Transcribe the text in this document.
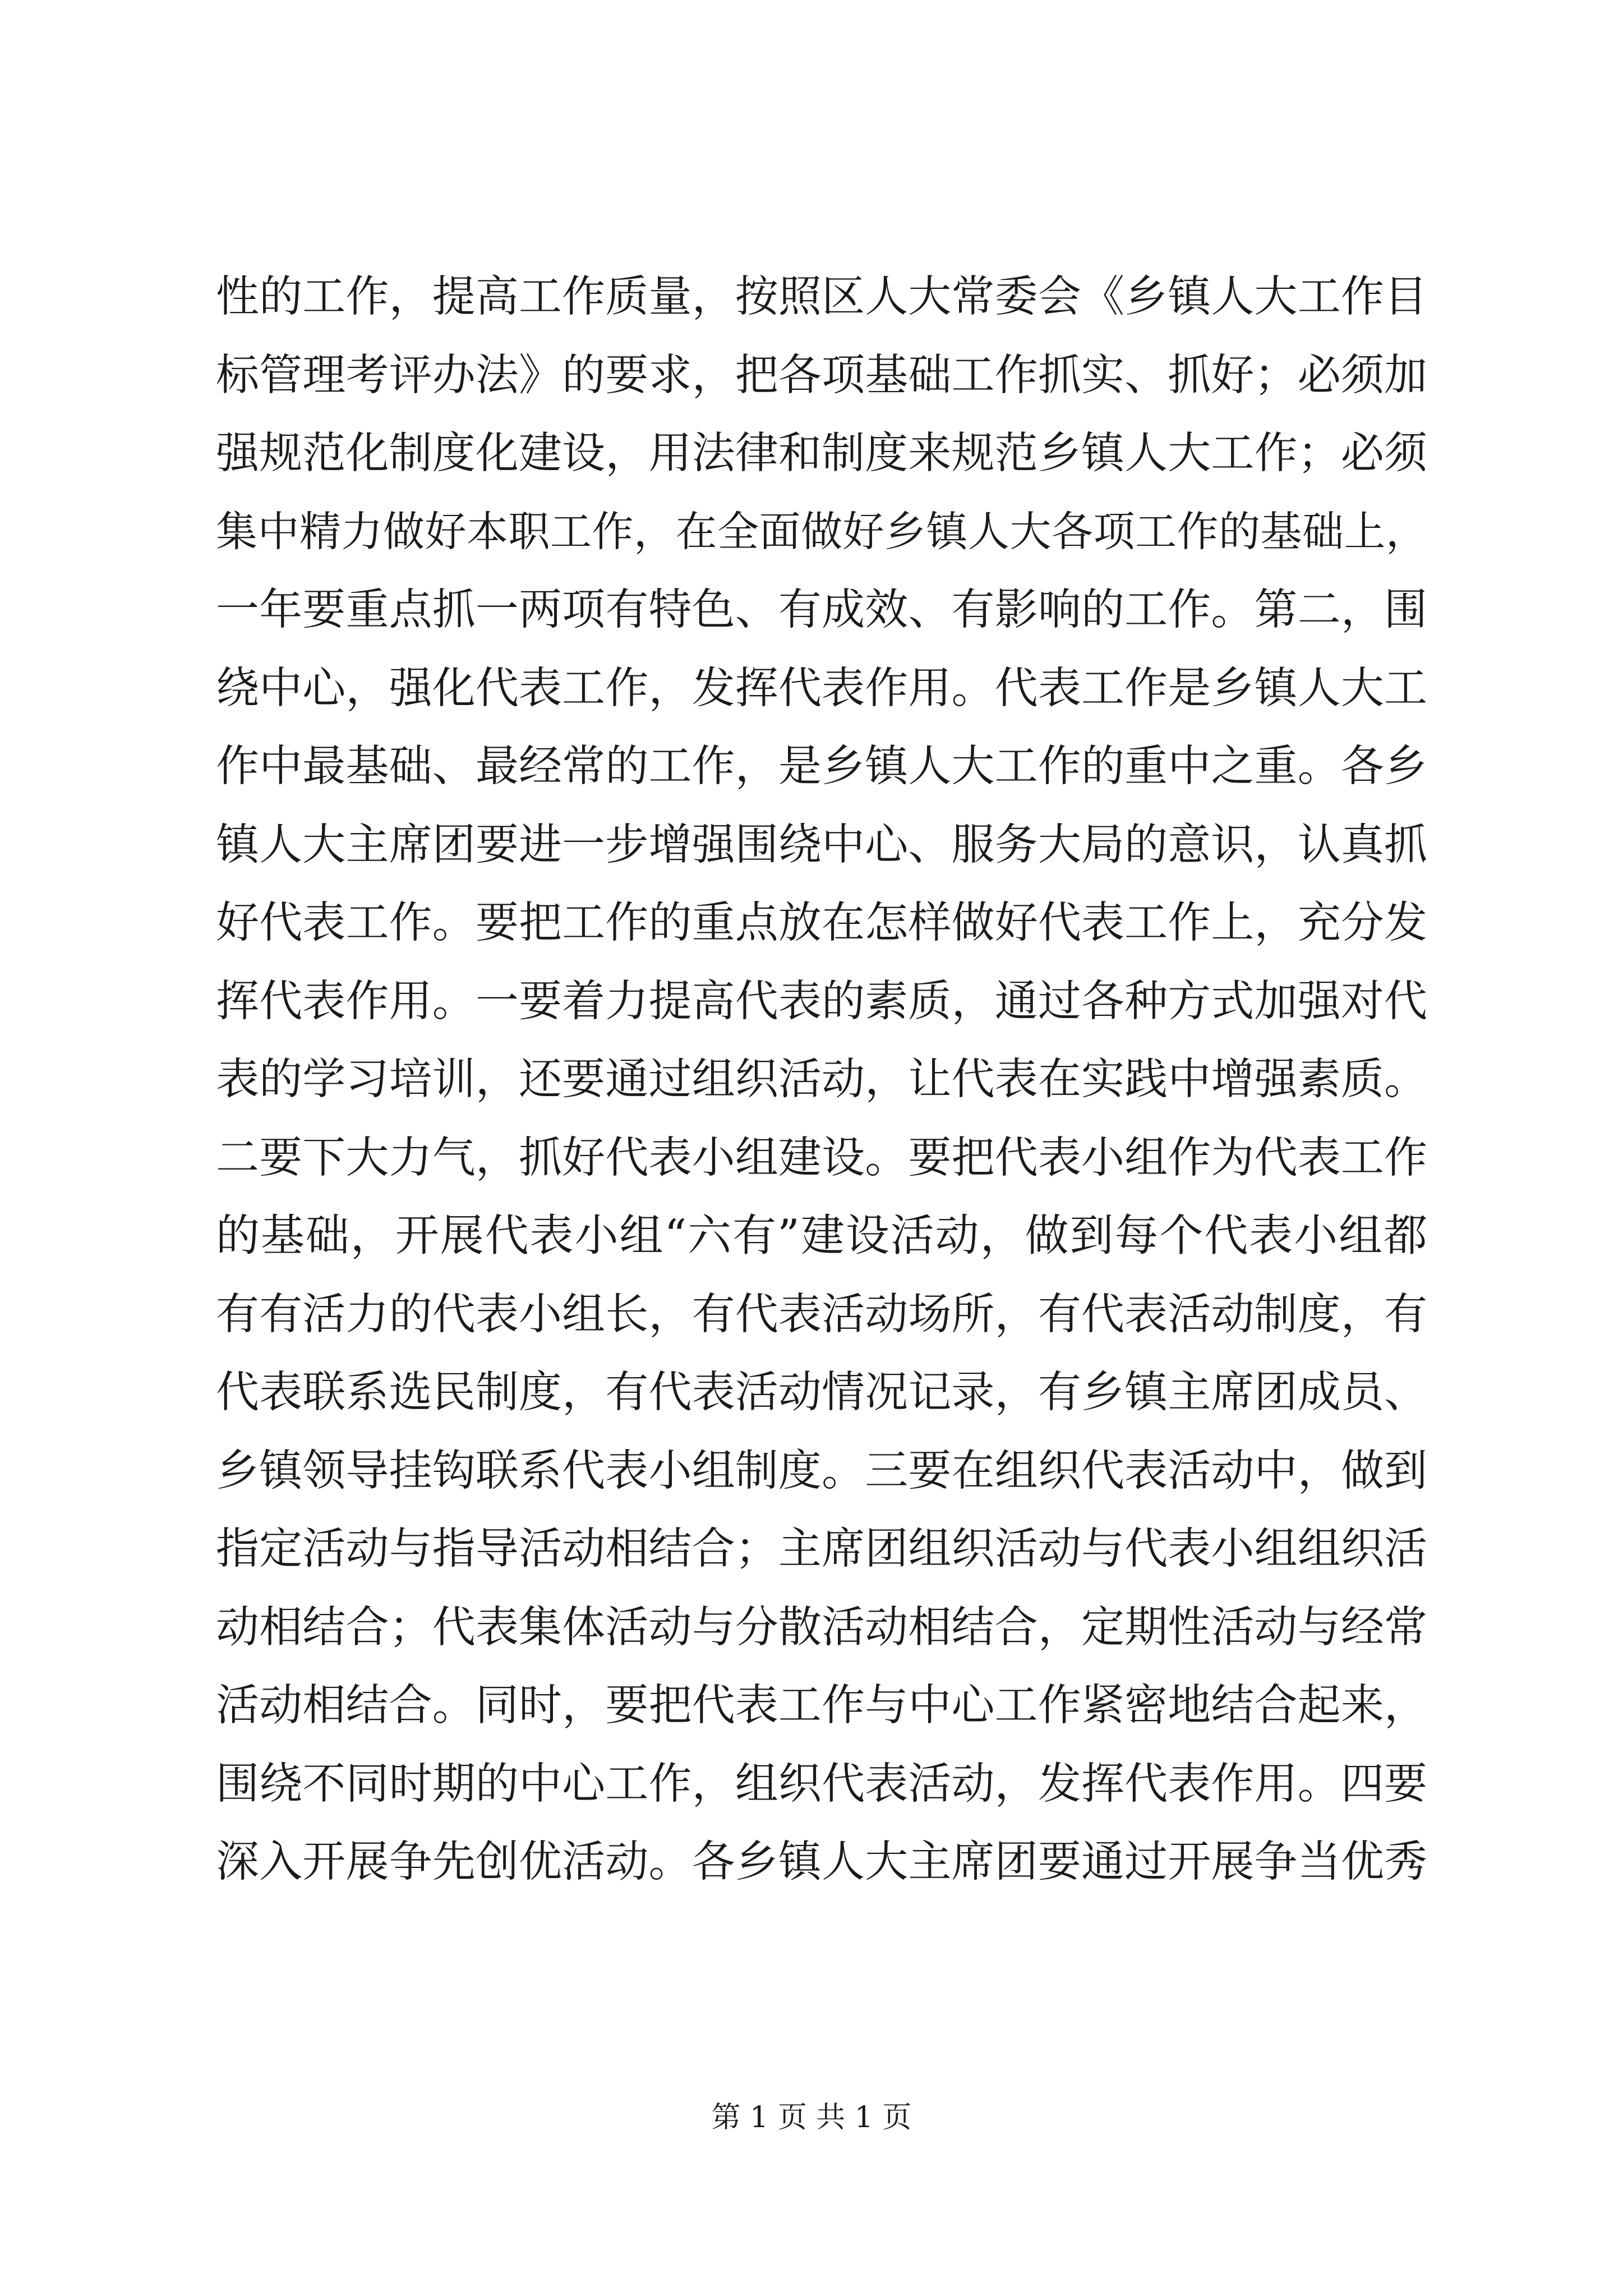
性的工作，提高工作质量，按照区人大常委会《乡镇人大工作目
标管理考评办法》的要求，把各项基础工作抓实、抓好；必须加
强规范化制度化建设，用法律和制度来规范乡镇人大工作；必须
集中精力做好本职工作，在全面做好乡镇人大各项工作的基础上，
一年要重点抓一两项有特色、有成效、有影响的工作。第二，围
绕中心，强化代表工作，发挥代表作用。代表工作是乡镇人大工
作中最基础、最经常的工作，是乡镇人大工作的重中之重。各乡
镇人大主席团要进一步增强围绕中心、服务大局的意识，认真抓
好代表工作。要把工作的重点放在怎样做好代表工作上，充分发
挥代表作用。一要着力提高代表的素质，通过各种方式加强对代
表的学习培训，还要通过组织活动，让代表在实践中增强素质。
二要下大力气，抓好代表小组建设。要把代表小组作为代表工作
的基础，开展代表小组“六有”建设活动，做到每个代表小组都
有有活力的代表小组长，有代表活动场所，有代表活动制度，有
代表联系选民制度，有代表活动情况记录，有乡镇主席团成员、
乡镇领导挂钩联系代表小组制度。三要在组织代表活动中，做到
指定活动与指导活动相结合；主席团组织活动与代表小组组织活
动相结合；代表集体活动与分散活动相结合，定期性活动与经常
活动相结合。同时，要把代表工作与中心工作紧密地结合起来，
围绕不同时期的中心工作，组织代表活动，发挥代表作用。四要
深入开展争先创优活动。各乡镇人大主席团要通过开展争当优秀
第 1 页 共 1 页
